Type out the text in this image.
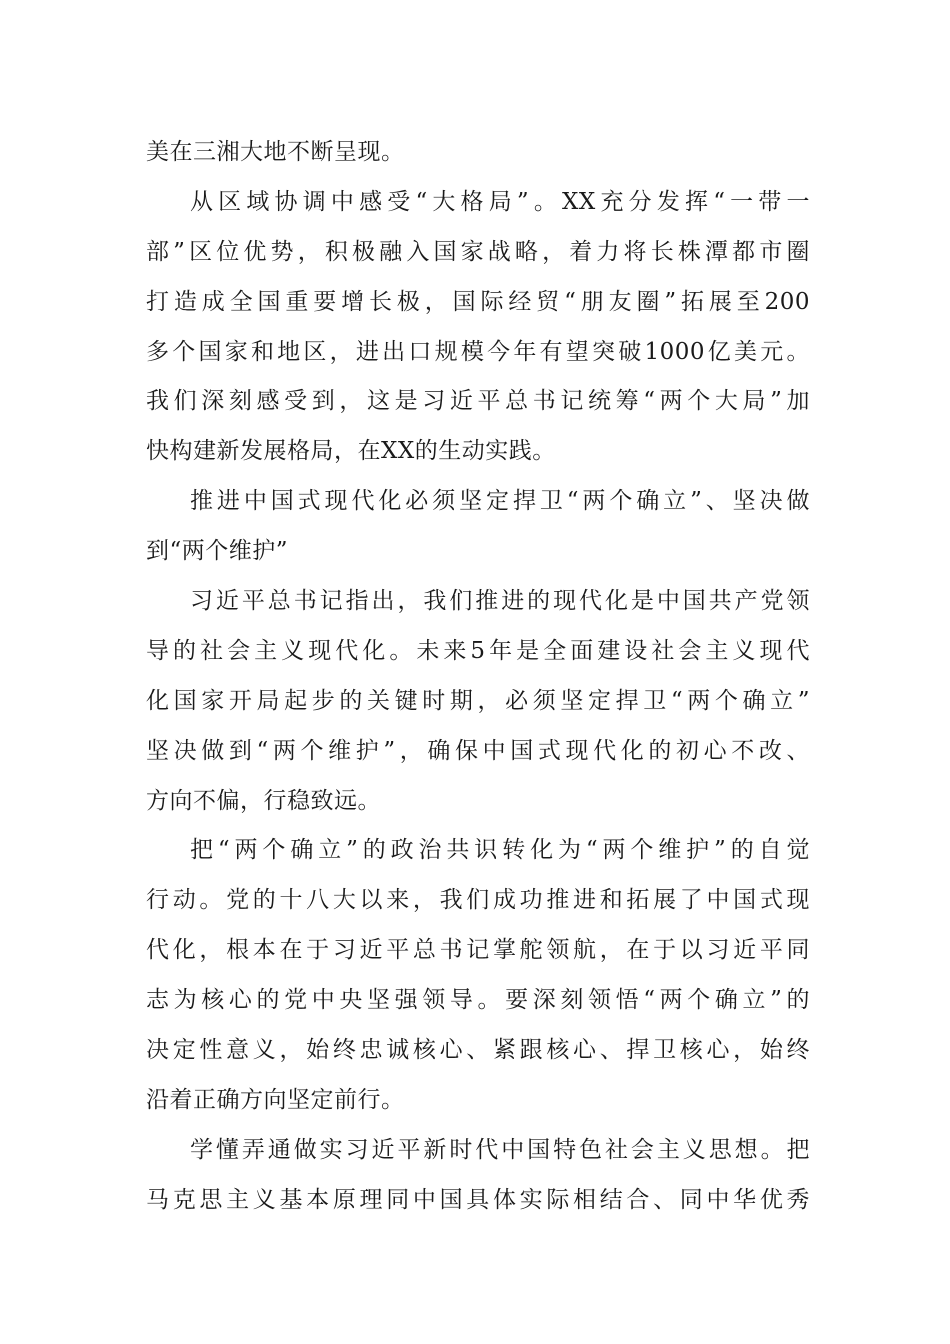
美在三湘大地不断呈现。
从区域协调中感受“大格局”。XX充分发挥“一带一
部”区位优势，积极融入国家战略，着力将长株潭都市圈
打造成全国重要增长极，国际经贸“朋友圈”拓展至200
多个国家和地区，进出口规模今年有望突破1000亿美元。
我们深刻感受到，这是习近平总书记统筹“两个大局”加
快构建新发展格局，在XX的生动实践。
推进中国式现代化必须坚定捍卫“两个确立”、坚决做
到“两个维护”
习近平总书记指出，我们推进的现代化是中国共产党领
导的社会主义现代化。未来5年是全面建设社会主义现代
化国家开局起步的关键时期，必须坚定捍卫“两个确立”
坚决做到“两个维护”，确保中国式现代化的初心不改、
方向不偏，行稳致远。
把“两个确立”的政治共识转化为“两个维护”的自觉
行动。党的十八大以来，我们成功推进和拓展了中国式现
代化，根本在于习近平总书记掌舵领航，在于以习近平同
志为核心的党中央坚强领导。要深刻领悟“两个确立”的
决定性意义，始终忠诚核心、紧跟核心、捍卫核心，始终
沿着正确方向坚定前行。
学懂弄通做实习近平新时代中国特色社会主义思想。把
马克思主义基本原理同中国具体实际相结合、同中华优秀
